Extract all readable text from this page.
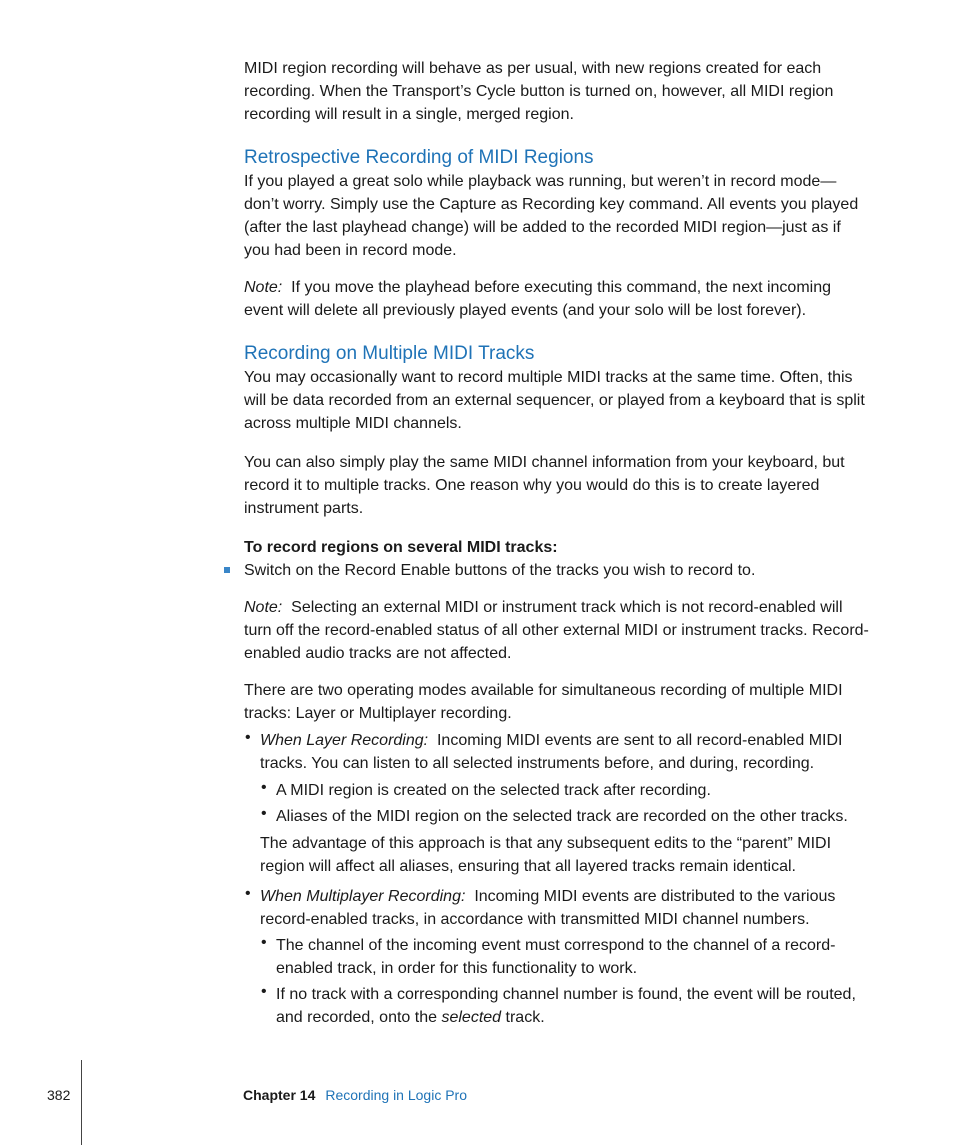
MIDI region recording will behave as per usual, with new regions created for each recording. When the Transport’s Cycle button is turned on, however, all MIDI region recording will result in a single, merged region.

Retrospective Recording of MIDI Regions

If you played a great solo while playback was running, but weren’t in record mode—don’t worry. Simply use the Capture as Recording key command. All events you played (after the last playhead change) will be added to the recorded MIDI region—just as if you had been in record mode.

Note: If you move the playhead before executing this command, the next incoming event will delete all previously played events (and your solo will be lost forever).

Recording on Multiple MIDI Tracks

You may occasionally want to record multiple MIDI tracks at the same time. Often, this will be data recorded from an external sequencer, or played from a keyboard that is split across multiple MIDI channels.

You can also simply play the same MIDI channel information from your keyboard, but record it to multiple tracks. One reason why you would do this is to create layered instrument parts.

To record regions on several MIDI tracks:

Switch on the Record Enable buttons of the tracks you wish to record to.

Note: Selecting an external MIDI or instrument track which is not record-enabled will turn off the record-enabled status of all other external MIDI or instrument tracks. Record-enabled audio tracks are not affected.

There are two operating modes available for simultaneous recording of multiple MIDI tracks: Layer or Multiplayer recording.

• When Layer Recording: Incoming MIDI events are sent to all record-enabled MIDI tracks. You can listen to all selected instruments before, and during, recording.

• A MIDI region is created on the selected track after recording.

• Aliases of the MIDI region on the selected track are recorded on the other tracks.

The advantage of this approach is that any subsequent edits to the “parent” MIDI region will affect all aliases, ensuring that all layered tracks remain identical.

• When Multiplayer Recording: Incoming MIDI events are distributed to the various record-enabled tracks, in accordance with transmitted MIDI channel numbers.

• The channel of the incoming event must correspond to the channel of a record-enabled track, in order for this functionality to work.

• If no track with a corresponding channel number is found, the event will be routed, and recorded, onto the selected track.

382	Chapter 14 Recording in Logic Pro
